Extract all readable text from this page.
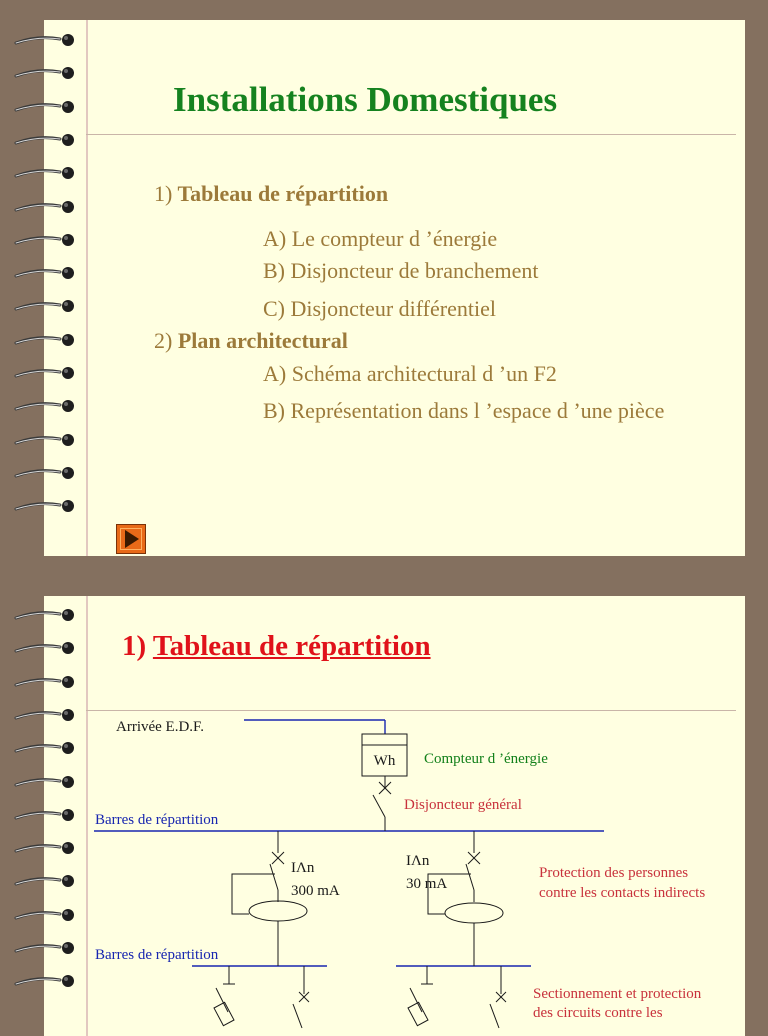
Installations Domestiques
1) Tableau de répartition
A) Le compteur d ’énergie
B) Disjoncteur de branchement
C) Disjoncteur différentiel
2) Plan architectural
A) Schéma architectural d ’un F2
B) Représentation dans l ’espace d ’une pièce
1) Tableau de répartition
Arrivée E.D.F.
Wh	Compteur d ’énergie
Disjoncteur général
Barres de répartition
IΛn
300 mA
IΛn
30 mA
Protection des personnes
contre les contacts indirects
Barres de répartition
Sectionnement et protection
des circuits contre les
